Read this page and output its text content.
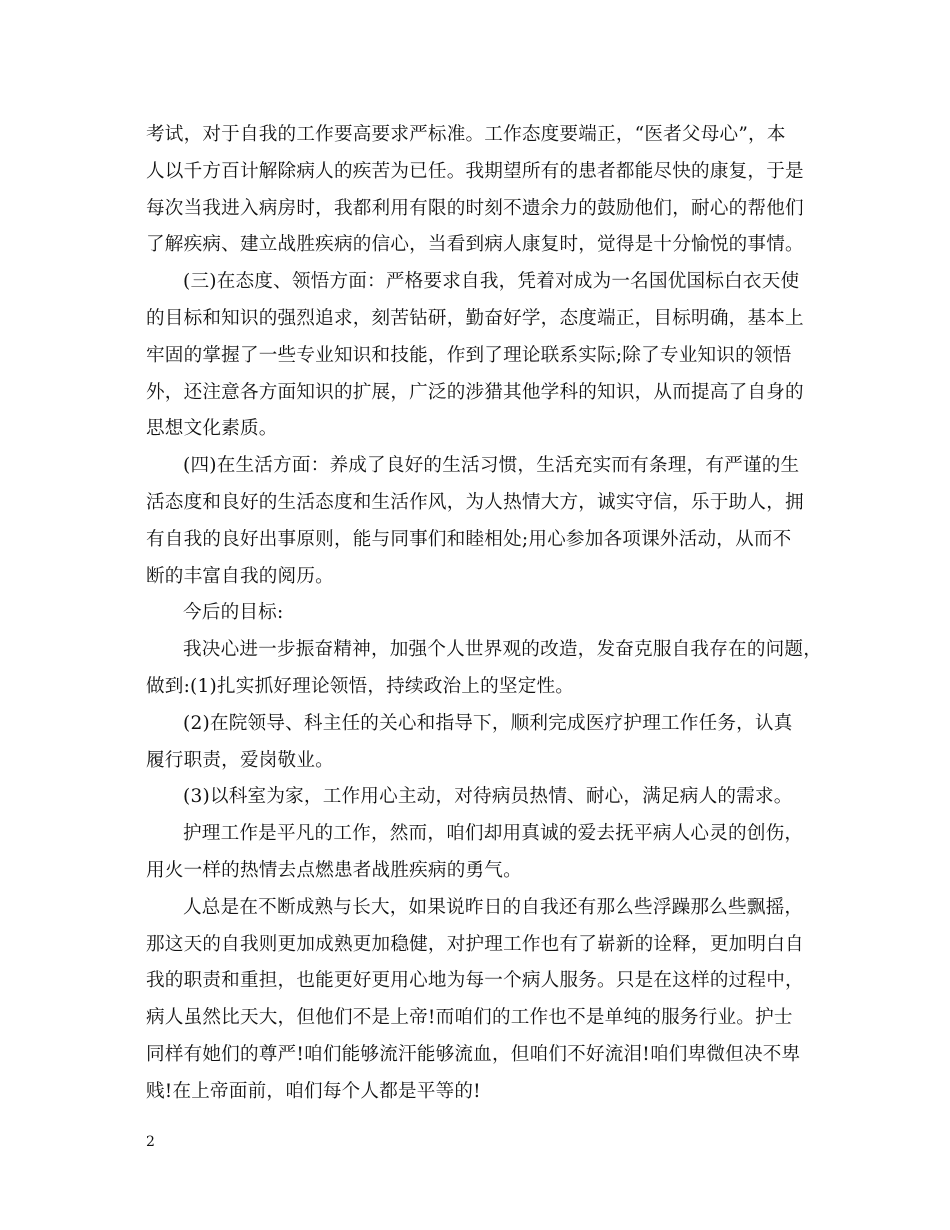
考试，对于自我的工作要高要求严标准。工作态度要端正，“医者父母心”，本
人以千方百计解除病人的疾苦为已任。我期望所有的患者都能尽快的康复，于是
每次当我进入病房时，我都利用有限的时刻不遗余力的鼓励他们，耐心的帮他们
了解疾病、建立战胜疾病的信心，当看到病人康复时，觉得是十分愉悦的事情。
(三)在态度、领悟方面：严格要求自我，凭着对成为一名国优国标白衣天使
的目标和知识的强烈追求，刻苦钻研，勤奋好学，态度端正，目标明确，基本上
牢固的掌握了一些专业知识和技能，作到了理论联系实际;除了专业知识的领悟
外，还注意各方面知识的扩展，广泛的涉猎其他学科的知识，从而提高了自身的
思想文化素质。
(四)在生活方面：养成了良好的生活习惯，生活充实而有条理，有严谨的生
活态度和良好的生活态度和生活作风，为人热情大方，诚实守信，乐于助人，拥
有自我的良好出事原则，能与同事们和睦相处;用心参加各项课外活动，从而不
断的丰富自我的阅历。
今后的目标:
我决心进一步振奋精神，加强个人世界观的改造，发奋克服自我存在的问题，
做到:(1)扎实抓好理论领悟，持续政治上的坚定性。
(2)在院领导、科主任的关心和指导下，顺利完成医疗护理工作任务，认真
履行职责，爱岗敬业。
(3)以科室为家，工作用心主动，对待病员热情、耐心，满足病人的需求。
护理工作是平凡的工作，然而，咱们却用真诚的爱去抚平病人心灵的创伤，
用火一样的热情去点燃患者战胜疾病的勇气。
人总是在不断成熟与长大，如果说昨日的自我还有那么些浮躁那么些飘摇，
那这天的自我则更加成熟更加稳健，对护理工作也有了崭新的诠释，更加明白自
我的职责和重担，也能更好更用心地为每一个病人服务。只是在这样的过程中，
病人虽然比天大，但他们不是上帝!而咱们的工作也不是单纯的服务行业。护士
同样有她们的尊严!咱们能够流汗能够流血，但咱们不好流泪!咱们卑微但决不卑
贱!在上帝面前，咱们每个人都是平等的!
2
